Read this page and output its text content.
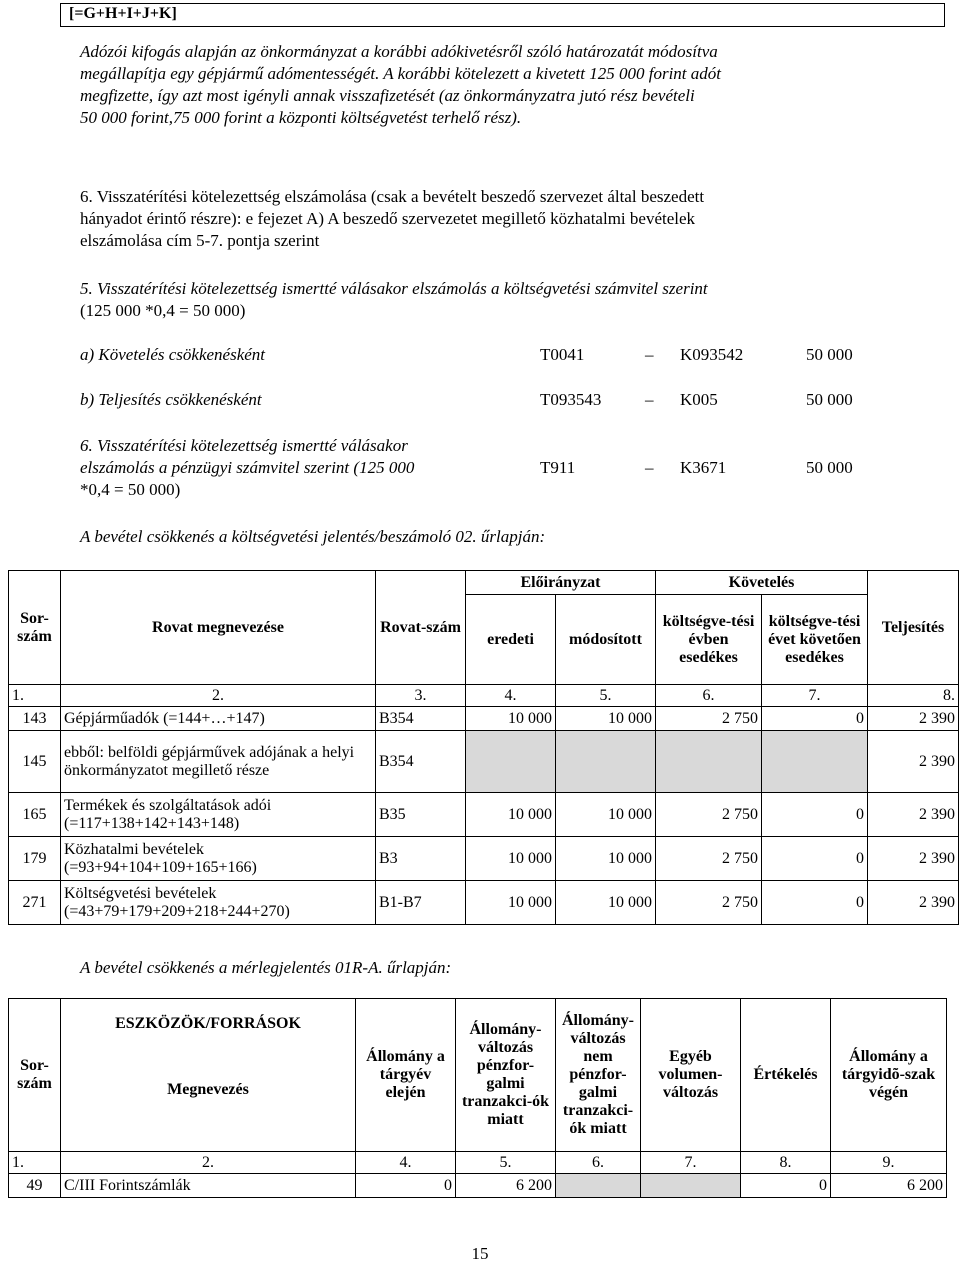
[=G+H+I+J+K]
Adózói kifogás alapján az önkormányzat a korábbi adókivetésről szóló határozatát módosítva
megállapítja egy gépjármű adómentességét. A korábbi kötelezett a kivetett 125 000 forint adót
megfizette, így azt most igényli annak visszafizetését (az önkormányzatra jutó rész bevételi
50 000 forint,75 000 forint a központi költségvetést terhelő rész).
6. Visszatérítési kötelezettség elszámolása (csak a bevételt beszedő szervezet által beszedett
hányadot érintő részre): e fejezet A) A beszedő szervezetet megillető közhatalmi bevételek
elszámolása cím 5-7. pontja szerint
5. Visszatérítési kötelezettség ismertté válásakor elszámolás a költségvetési számvitel szerint
(125 000 *0,4 = 50 000)
a) Követelés csökkenésként	T0041	– K093542	50 000
b) Teljesítés csökkenésként	T093543	– K005	50 000
6. Visszatérítési kötelezettség ismertté válásakor
elszámolás a pénzügyi számvitel szerint (125 000
*0,4 = 50 000)
T911	– K3671	50 000
A bevétel csökkenés a költségvetési jelentés/beszámoló 02. űrlapján:
Sor-szám	Rovat megnevezése	Rovat-szám	Előirányzat		Követelés		Teljesítés
			eredeti	módosított	költségve-tési évben esedékes	költségve-tési évet követően esedékes	
1.	2.	3.	4.	5.	6.	7.	8.
143	Gépjárműadók (=144+…+147)	B354	10 000	10 000	2 750	0	2 390
145	ebből: belföldi gépjárművek adójának a helyi önkormányzatot megillető része	B354					2 390
165	Termékek és szolgáltatások adói (=117+138+142+143+148)	B35	10 000	10 000	2 750	0	2 390
179	Közhatalmi bevételek (=93+94+104+109+165+166)	B3	10 000	10 000	2 750	0	2 390
271	Költségvetési bevételek (=43+79+179+209+218+244+270)	B1-B7	10 000	10 000	2 750	0	2 390
A bevétel csökkenés a mérlegjelentés 01R-A. űrlapján:
Sor-szám	ESZKÖZÖK/FORRÁSOK
Megnevezés	Állomány a tárgyév elején	Állomány-változás pénzfor-galmi tranzakci-ók miatt	Állomány-változás nem pénzfor-galmi tranzakci-ók miatt	Egyéb volumen-változás	Értékelés	Állomány a tárgyidõ-szak végén
1.	2.	4.	5.	6.	7.	8.	9.
49	C/III Forintszámlák	0	6 200			0	6 200
15
